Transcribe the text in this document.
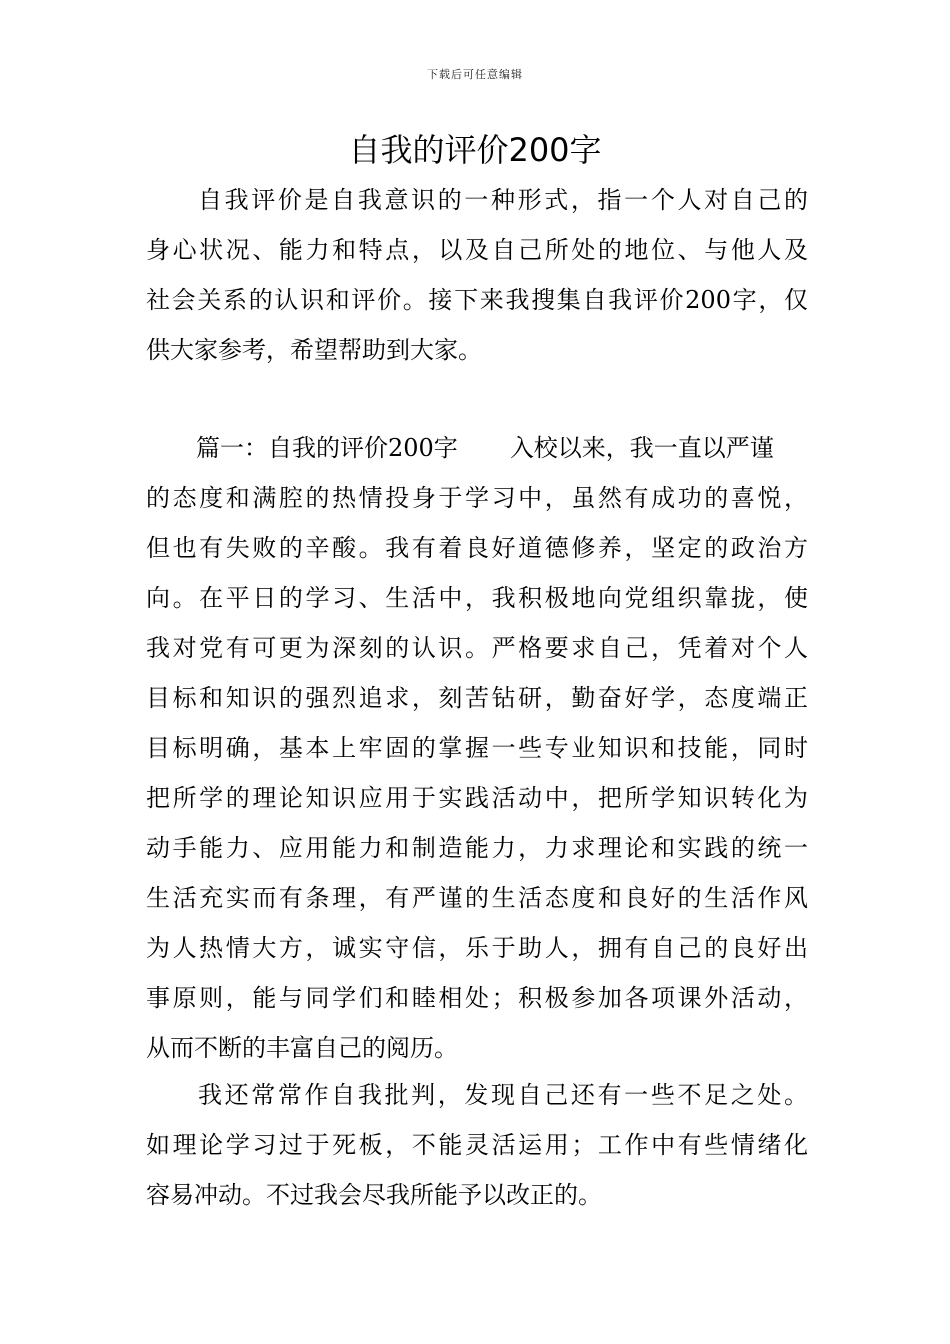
下载后可任意编辑
自我的评价200字
自我评价是自我意识的一种形式，指一个人对自己的
身心状况、能力和特点，以及自己所处的地位、与他人及
社会关系的认识和评价。接下来我搜集自我评价200字，仅
供大家参考，希望帮助到大家。
篇一：自我的评价200字 入校以来，我一直以严谨
的态度和满腔的热情投身于学习中，虽然有成功的喜悦，
但也有失败的辛酸。我有着良好道德修养，坚定的政治方
向。在平日的学习、生活中，我积极地向党组织靠拢，使
我对党有可更为深刻的认识。严格要求自己，凭着对个人
目标和知识的强烈追求，刻苦钻研，勤奋好学，态度端正
目标明确，基本上牢固的掌握一些专业知识和技能，同时
把所学的理论知识应用于实践活动中，把所学知识转化为
动手能力、应用能力和制造能力，力求理论和实践的统一
生活充实而有条理，有严谨的生活态度和良好的生活作风
为人热情大方，诚实守信，乐于助人，拥有自己的良好出
事原则，能与同学们和睦相处；积极参加各项课外活动，
从而不断的丰富自己的阅历。
我还常常作自我批判，发现自己还有一些不足之处。
如理论学习过于死板，不能灵活运用；工作中有些情绪化
容易冲动。不过我会尽我所能予以改正的。
